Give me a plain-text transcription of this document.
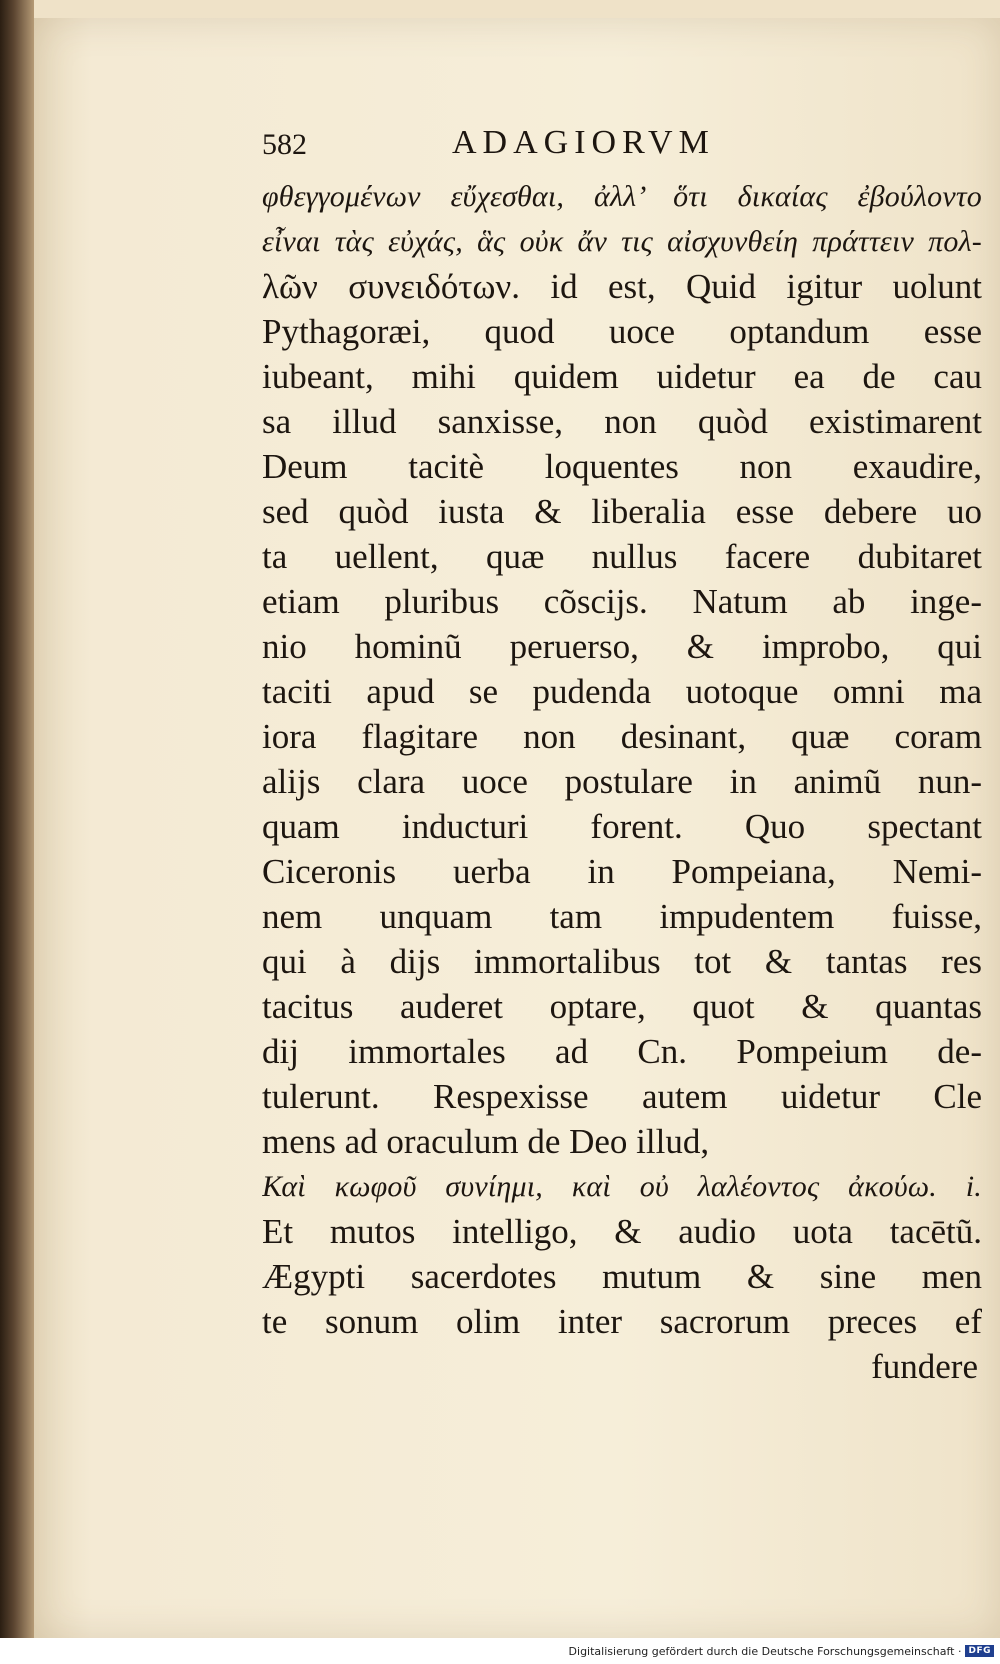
582	ADAGIORVM
φθεγγομένων εὔχεσθαι, ἀλλ’ ὅτι δικαίας ἐβούλοντο
εἶναι τὰς εὐχάς, ἃς οὐκ ἄν τις αἰσχυνθείη πράττειν πολ-
λῶν συνειδότων. id est, Quid igitur uolunt
Pythagoræi, quod uoce optandum esse
iubeant, mihi quidem uidetur ea de cau
sa illud sanxisse, non quòd existimarent
Deum tacitè loquentes non exaudire,
sed quòd iusta & liberalia esse debere uo
ta uellent, quæ nullus facere dubitaret
etiam pluribus cõscijs. Natum ab inge-
nio hominũ peruerso, & improbo, qui
taciti apud se pudenda uotoque omni ma
iora flagitare non desinant, quæ coram
alijs clara uoce postulare in animũ nun-
quam inducturi forent. Quo spectant
Ciceronis uerba in Pompeiana, Nemi-
nem unquam tam impudentem fuisse,
qui à dijs immortalibus tot & tantas res
tacitus auderet optare, quot & quantas
dij immortales ad Cn. Pompeium de-
tulerunt. Respexisse autem uidetur Cle
mens ad oraculum de Deo illud,
Καὶ κωφοῦ συνίημι, καὶ οὐ λαλέοντος ἀκούω. i.
Et mutos intelligo, & audio uota tacētũ.
Ægypti sacerdotes mutum & sine men
te sonum olim inter sacrorum preces ef
fundere
Digitalisierung gefördert durch die Deutsche Forschungsgemeinschaft · DFG
